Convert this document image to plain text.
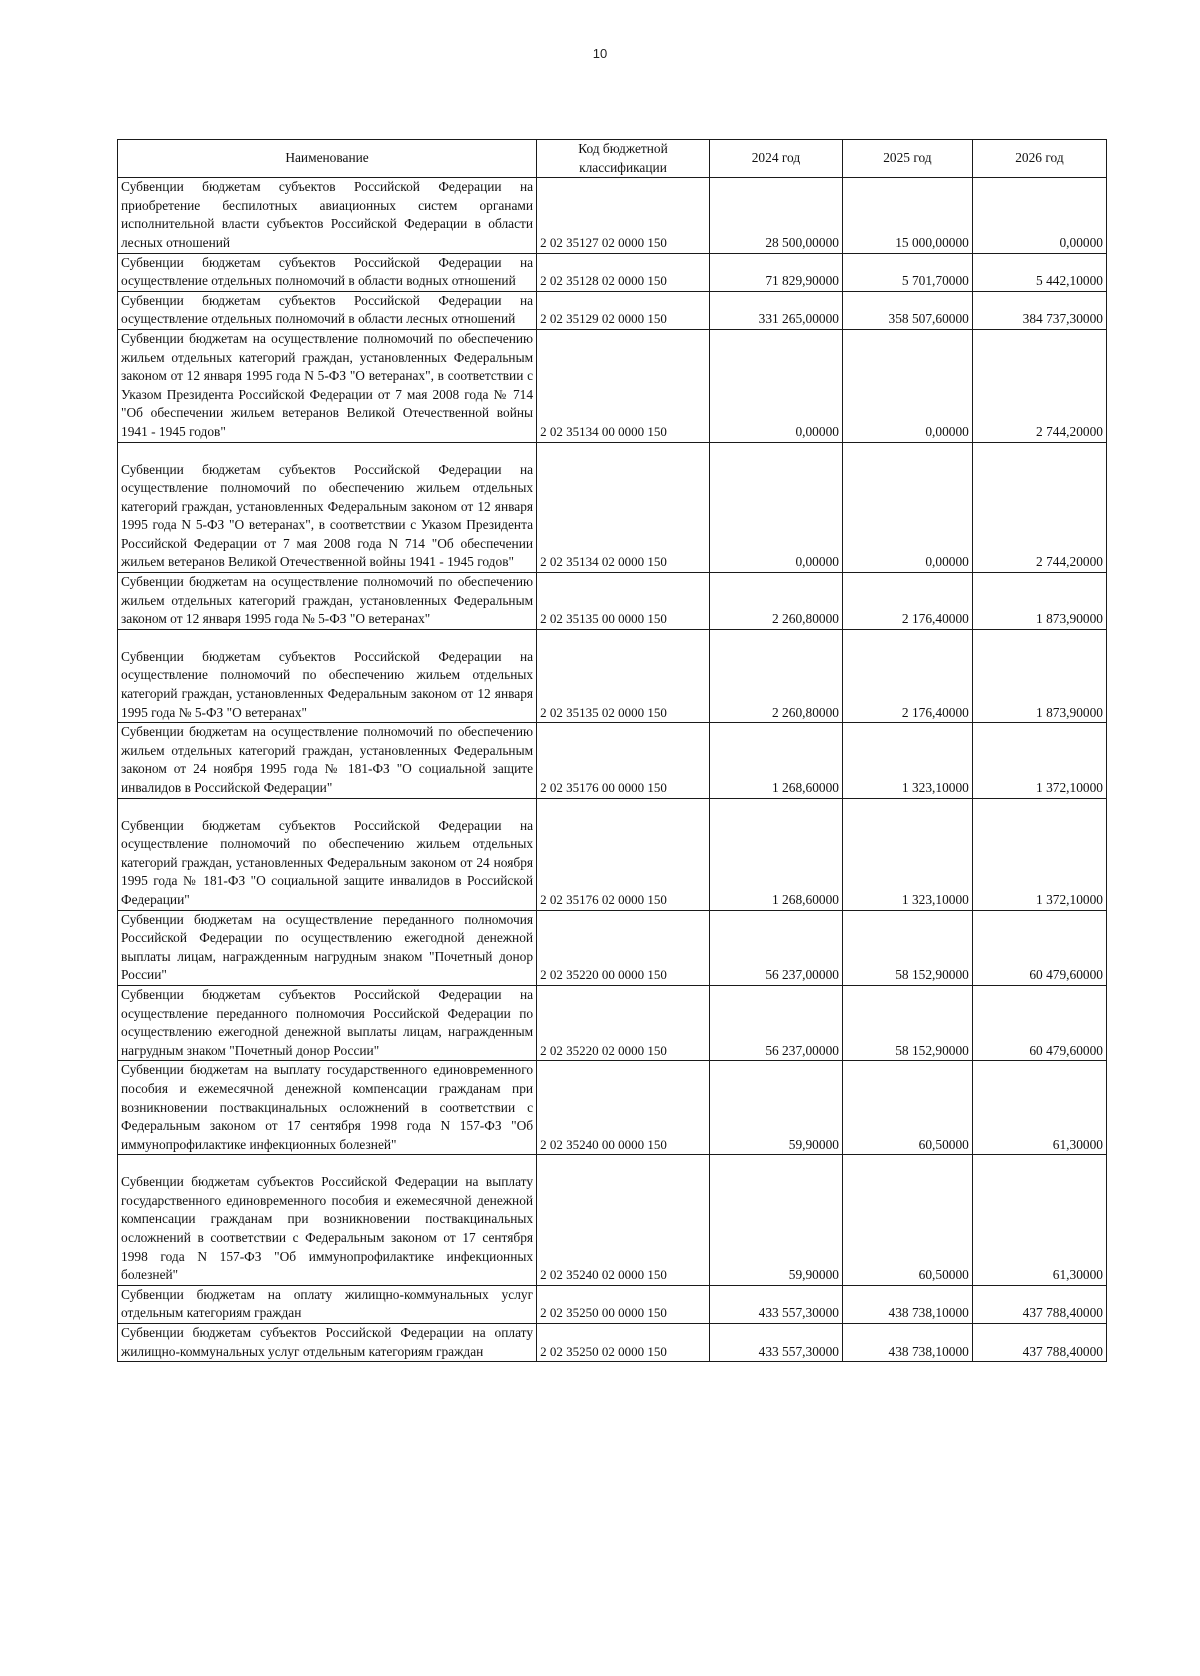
10
Наименование	Код бюджетной классификации	2024 год	2025 год	2026 год
Субвенции бюджетам субъектов Российской Федерации на приобретение беспилотных авиационных систем органами исполнительной власти субъектов Российской Федерации в области лесных отношений	2 02 35127 02 0000 150	28 500,00000	15 000,00000	0,00000
Субвенции бюджетам субъектов Российской Федерации на осуществление отдельных полномочий в области водных отношений	2 02 35128 02 0000 150	71 829,90000	5 701,70000	5 442,10000
Субвенции бюджетам субъектов Российской Федерации на осуществление отдельных полномочий в области лесных отношений	2 02 35129 02 0000 150	331 265,00000	358 507,60000	384 737,30000
Субвенции бюджетам на осуществление полномочий по обеспечению жильем отдельных категорий граждан, установленных Федеральным законом от 12 января 1995 года N 5-ФЗ "О ветеранах", в соответствии с Указом Президента Российской Федерации от 7 мая 2008 года № 714 "Об обеспечении жильем ветеранов Великой Отечественной войны 1941 - 1945 годов"	2 02 35134 00 0000 150	0,00000	0,00000	2 744,20000
Субвенции бюджетам субъектов Российской Федерации на осуществление полномочий по обеспечению жильем отдельных категорий граждан, установленных Федеральным законом от 12 января 1995 года N 5-ФЗ "О ветеранах", в соответствии с Указом Президента Российской Федерации от 7 мая 2008 года N 714 "Об обеспечении жильем ветеранов Великой Отечественной войны 1941 - 1945 годов"	2 02 35134 02 0000 150	0,00000	0,00000	2 744,20000
Субвенции бюджетам на осуществление полномочий по обеспечению жильем отдельных категорий граждан, установленных Федеральным законом от 12 января 1995 года № 5-ФЗ "О ветеранах"	2 02 35135 00 0000 150	2 260,80000	2 176,40000	1 873,90000
Субвенции бюджетам субъектов Российской Федерации на осуществление полномочий по обеспечению жильем отдельных категорий граждан, установленных Федеральным законом от 12 января 1995 года № 5-ФЗ "О ветеранах"	2 02 35135 02 0000 150	2 260,80000	2 176,40000	1 873,90000
Субвенции бюджетам на осуществление полномочий по обеспечению жильем отдельных категорий граждан, установленных Федеральным законом от 24 ноября 1995 года № 181-ФЗ "О социальной защите инвалидов в Российской Федерации"	2 02 35176 00 0000 150	1 268,60000	1 323,10000	1 372,10000
Субвенции бюджетам субъектов Российской Федерации на осуществление полномочий по обеспечению жильем отдельных категорий граждан, установленных Федеральным законом от 24 ноября 1995 года № 181-ФЗ "О социальной защите инвалидов в Российской Федерации"	2 02 35176 02 0000 150	1 268,60000	1 323,10000	1 372,10000
Субвенции бюджетам на осуществление переданного полномочия Российской Федерации по осуществлению ежегодной денежной выплаты лицам, награжденным нагрудным знаком "Почетный донор России"	2 02 35220 00 0000 150	56 237,00000	58 152,90000	60 479,60000
Субвенции бюджетам субъектов Российской Федерации на осуществление переданного полномочия Российской Федерации по осуществлению ежегодной денежной выплаты лицам, награжденным нагрудным знаком "Почетный донор России"	2 02 35220 02 0000 150	56 237,00000	58 152,90000	60 479,60000
Субвенции бюджетам на выплату государственного единовременного пособия и ежемесячной денежной компенсации гражданам при возникновении поствакцинальных осложнений в соответствии с Федеральным законом от 17 сентября 1998 года N 157-ФЗ "Об иммунопрофилактике инфекционных болезней"	2 02 35240 00 0000 150	59,90000	60,50000	61,30000
Субвенции бюджетам субъектов Российской Федерации на выплату государственного единовременного пособия и ежемесячной денежной компенсации гражданам при возникновении поствакцинальных осложнений в соответствии с Федеральным законом от 17 сентября 1998 года N 157-ФЗ "Об иммунопрофилактике инфекционных болезней"	2 02 35240 02 0000 150	59,90000	60,50000	61,30000
Субвенции бюджетам на оплату жилищно-коммунальных услуг отдельным категориям граждан	2 02 35250 00 0000 150	433 557,30000	438 738,10000	437 788,40000
Субвенции бюджетам субъектов Российской Федерации на оплату жилищно-коммунальных услуг отдельным категориям граждан	2 02 35250 02 0000 150	433 557,30000	438 738,10000	437 788,40000
